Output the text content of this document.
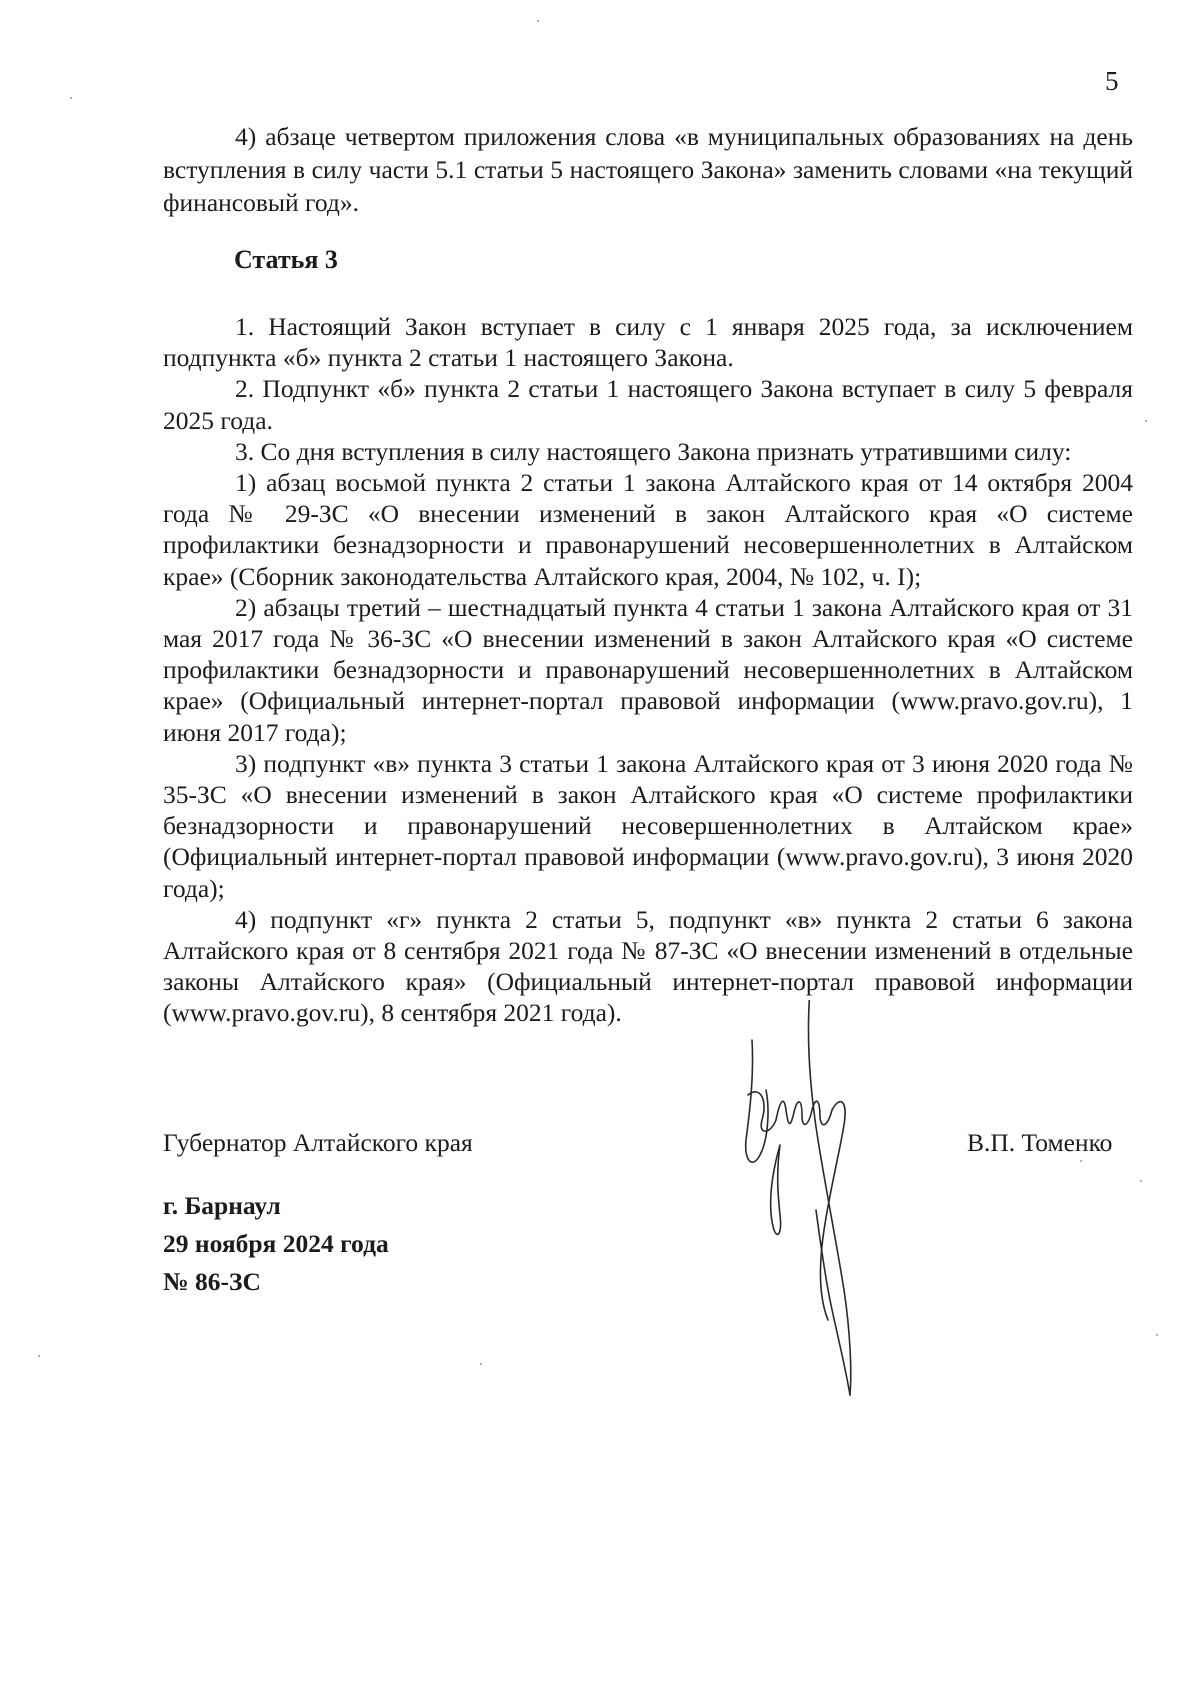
5

4) абзаце четвертом приложения слова «в муниципальных образованиях на день вступления в силу части 5.1 статьи 5 настоящего Закона» заменить словами «на текущий финансовый год».

Статья 3

1. Настоящий Закон вступает в силу с 1 января 2025 года, за исключением подпункта «б» пункта 2 статьи 1 настоящего Закона.

2. Подпункт «б» пункта 2 статьи 1 настоящего Закона вступает в силу 5 февраля 2025 года.

3. Со дня вступления в силу настоящего Закона признать утратившими силу:

1) абзац восьмой пункта 2 статьи 1 закона Алтайского края от 14 октября 2004 года № 29-ЗС «О внесении изменений в закон Алтайского края «О системе профилактики безнадзорности и правонарушений несовершеннолетних в Алтайском крае» (Сборник законодательства Алтайского края, 2004, № 102, ч. I);

2) абзацы третий – шестнадцатый пункта 4 статьи 1 закона Алтайского края от 31 мая 2017 года № 36-ЗС «О внесении изменений в закон Алтайского края «О системе профилактики безнадзорности и правонарушений несовершеннолетних в Алтайском крае» (Официальный интернет-портал правовой информации (www.pravo.gov.ru), 1 июня 2017 года);

3) подпункт «в» пункта 3 статьи 1 закона Алтайского края от 3 июня 2020 года № 35-ЗС «О внесении изменений в закон Алтайского края «О системе профилактики безнадзорности и правонарушений несовершеннолетних в Алтайском крае» (Официальный интернет-портал правовой информации (www.pravo.gov.ru), 3 июня 2020 года);

4) подпункт «г» пункта 2 статьи 5, подпункт «в» пункта 2 статьи 6 закона Алтайского края от 8 сентября 2021 года № 87-ЗС «О внесении изменений в отдельные законы Алтайского края» (Официальный интернет-портал правовой информации (www.pravo.gov.ru), 8 сентября 2021 года).

Губернатор Алтайского края	В.П. Томенко
г. Барнаул
29 ноября 2024 года
№ 86-ЗС
